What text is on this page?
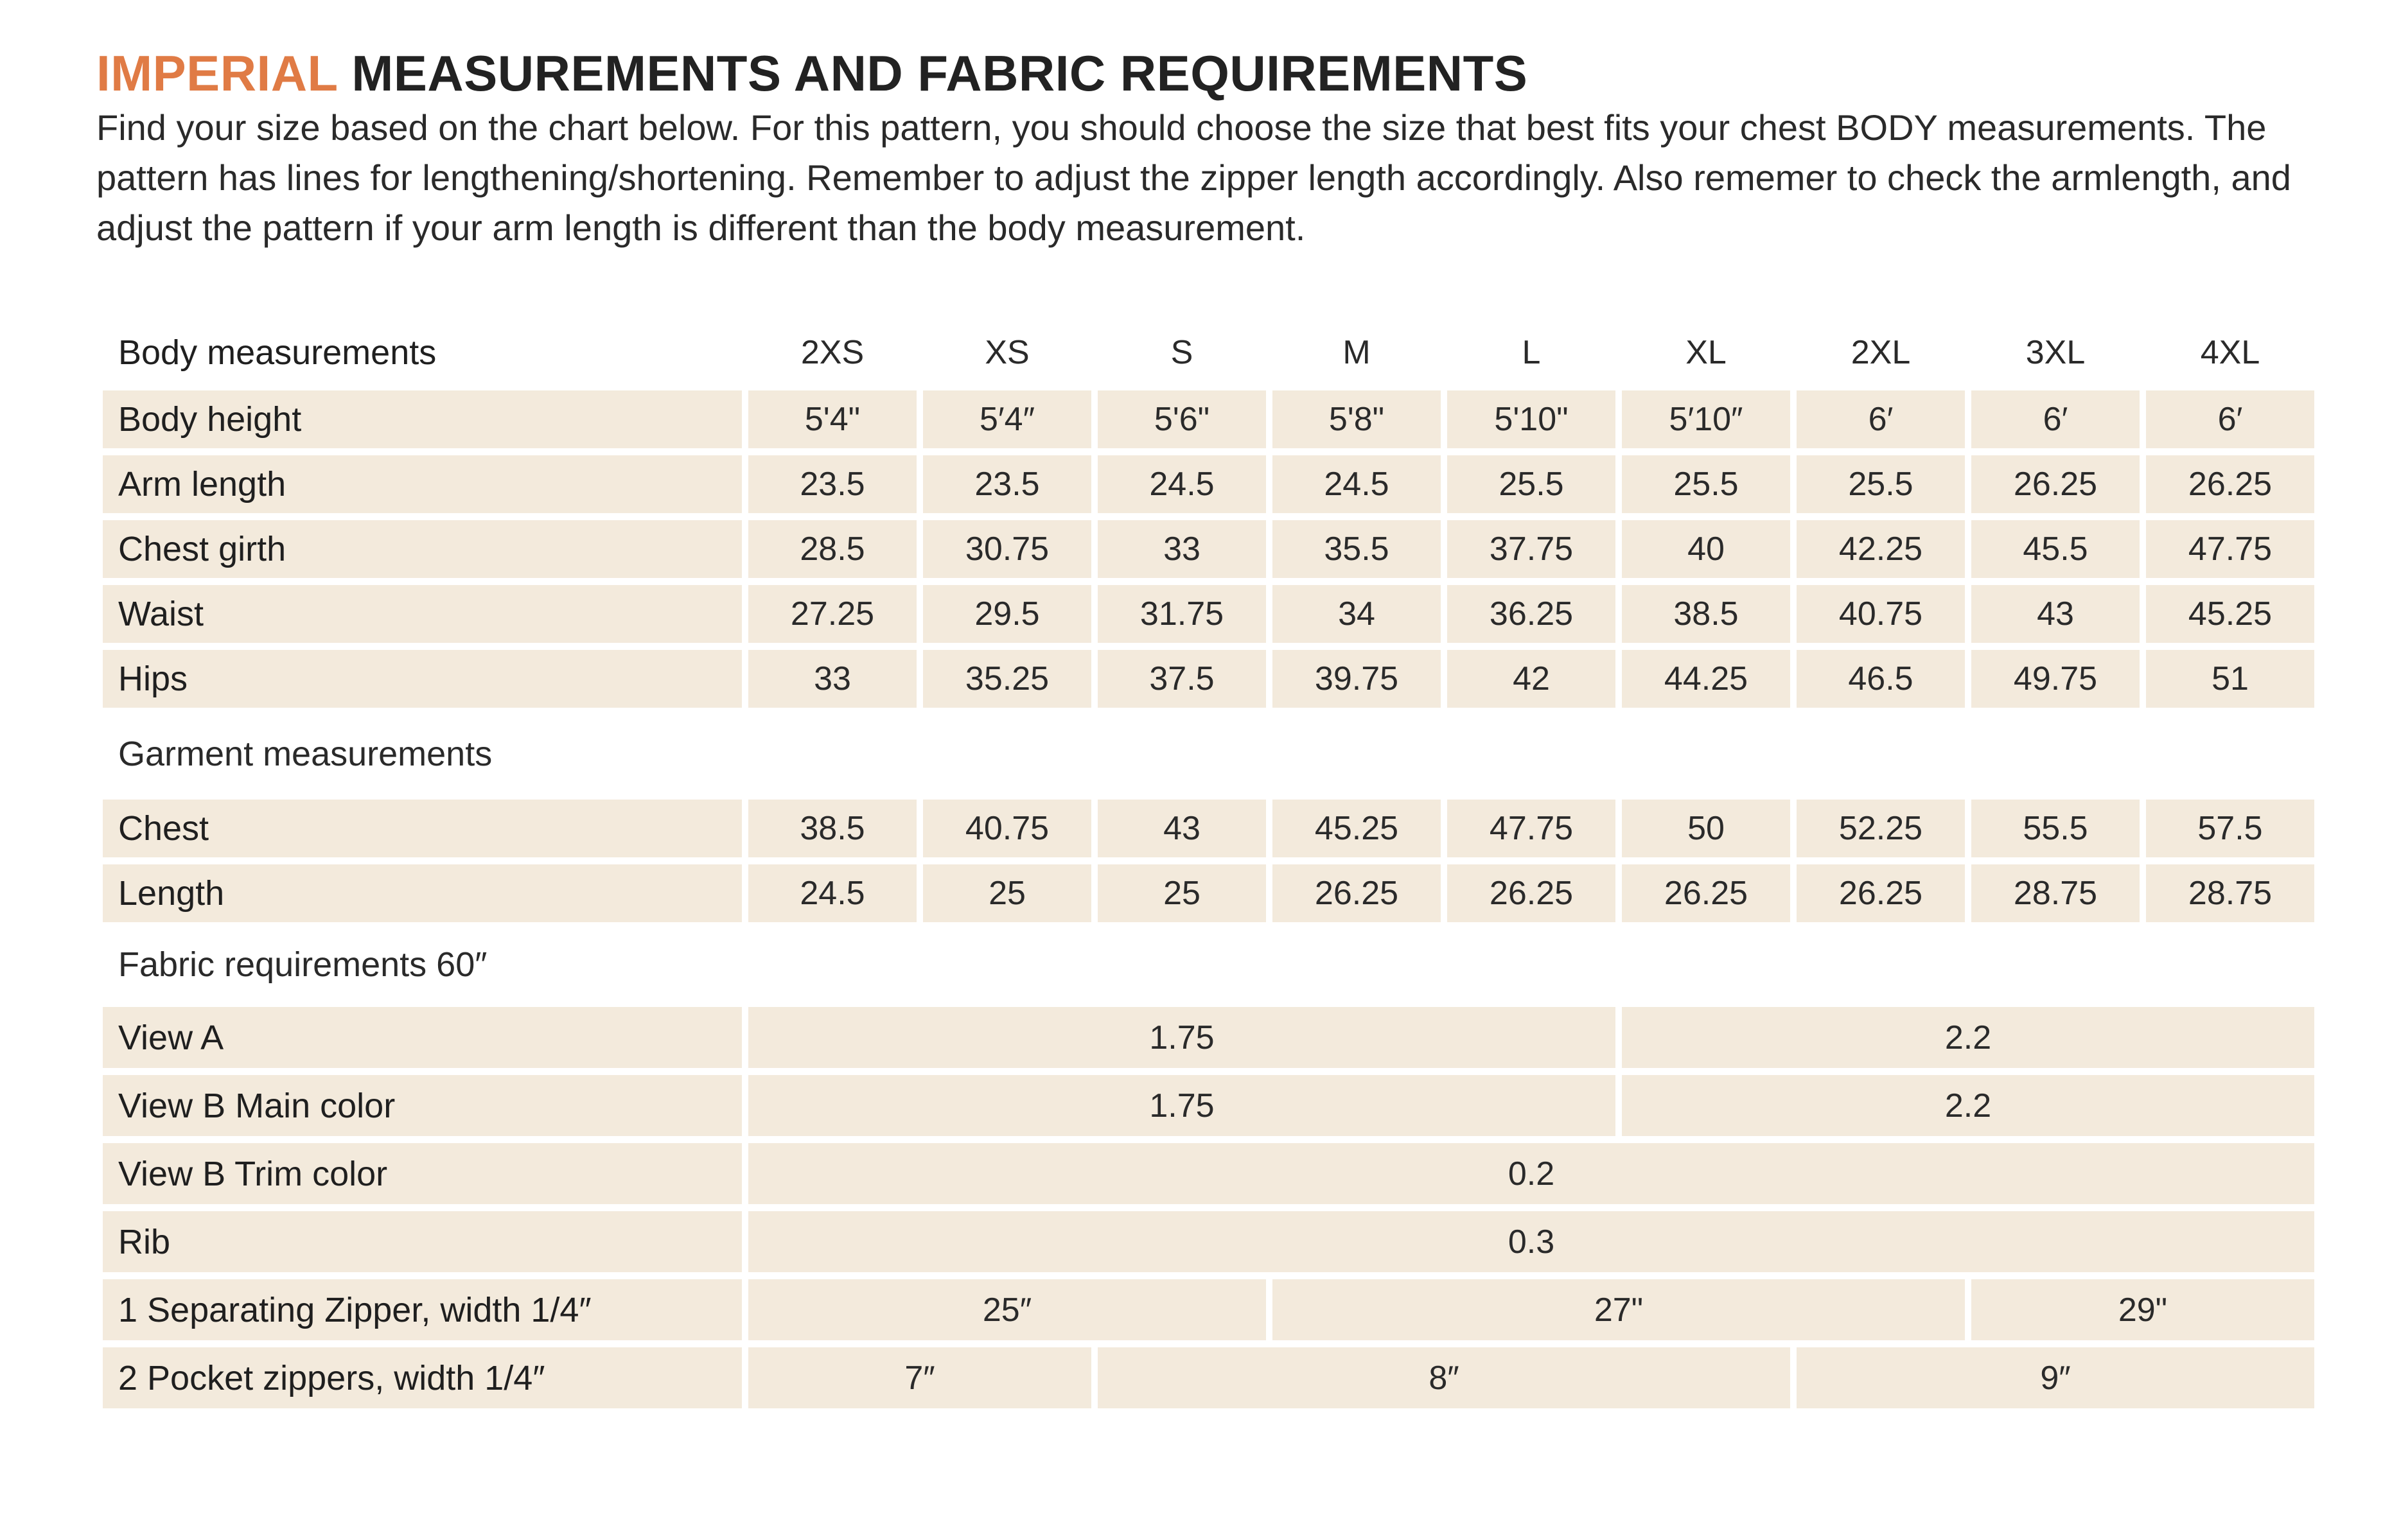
IMPERIAL MEASUREMENTS AND FABRIC REQUIREMENTS
Find your size based on the chart below. For this pattern, you should choose the size that best fits your chest BODY measurements. The pattern has lines for lengthening/shortening. Remember to adjust the zipper length accordingly. Also rememer to check the armlength, and adjust the pattern if your arm length is different than the body measurement.
Body measurements	2XS	XS	S	M	L	XL	2XL	3XL	4XL
Body height	5'4"	5′4″	5'6"	5'8"	5'10"	5′10″	6′	6′	6′
Arm length	23.5	23.5	24.5	24.5	25.5	25.5	25.5	26.25	26.25
Chest girth	28.5	30.75	33	35.5	37.75	40	42.25	45.5	47.75
Waist	27.25	29.5	31.75	34	36.25	38.5	40.75	43	45.25
Hips	33	35.25	37.5	39.75	42	44.25	46.5	49.75	51
Garment measurements
Chest	38.5	40.75	43	45.25	47.75	50	52.25	55.5	57.5
Length	24.5	25	25	26.25	26.25	26.25	26.25	28.75	28.75
Fabric requirements 60″
View A	1.75	2.2
View B Main color	1.75	2.2
View B Trim color	0.2
Rib	0.3
1 Separating Zipper, width 1/4″	25″	27"	29"
2 Pocket zippers, width 1/4″	7″	8″	9″
